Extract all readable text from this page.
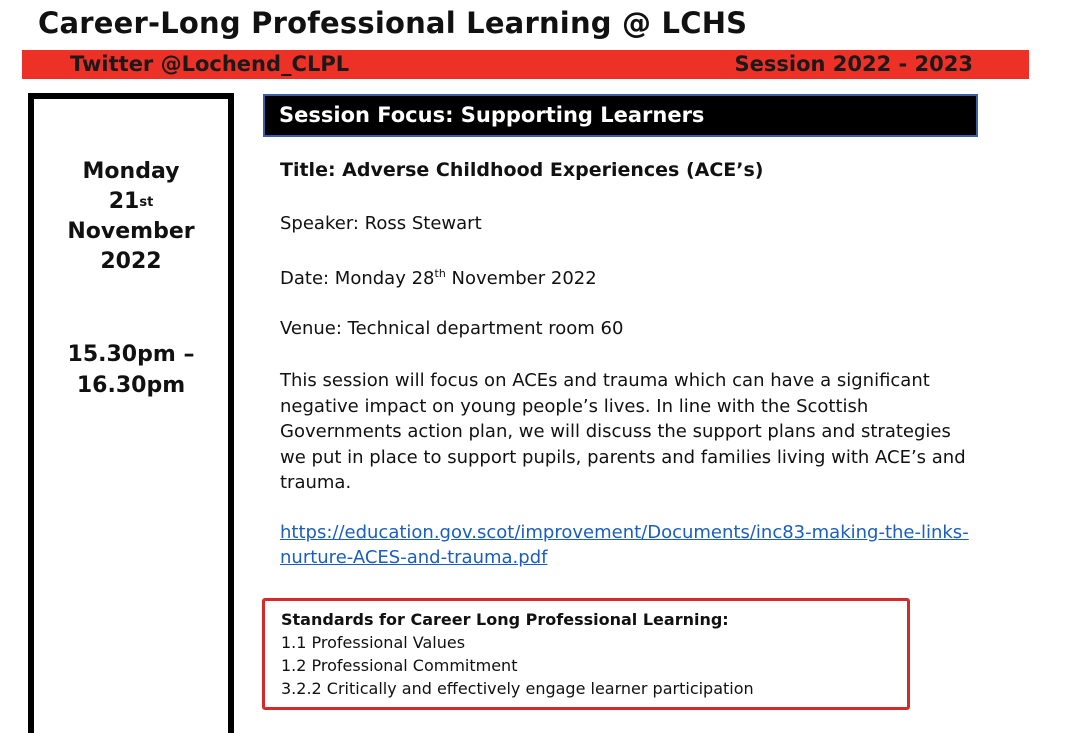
Career-Long Professional Learning @ LCHS
Twitter @Lochend_CLPL	Session 2022 - 2023
Monday
21st
November
2022
15.30pm –
16.30pm
Session Focus: Supporting Learners

Title: Adverse Childhood Experiences (ACE’s)

Speaker: Ross Stewart

Date: Monday 28th November 2022

Venue: Technical department room 60

This session will focus on ACEs and trauma which can have a significant negative impact on young people’s lives. In line with the Scottish Governments action plan, we will discuss the support plans and strategies we put in place to support pupils, parents and families living with ACE’s and trauma.
https://education.gov.scot/improvement/Documents/inc83-making-the-links-nurture-ACES-and-trauma.pdf
Standards for Career Long Professional Learning:
1.1 Professional Values
1.2 Professional Commitment
3.2.2 Critically and effectively engage learner participation
